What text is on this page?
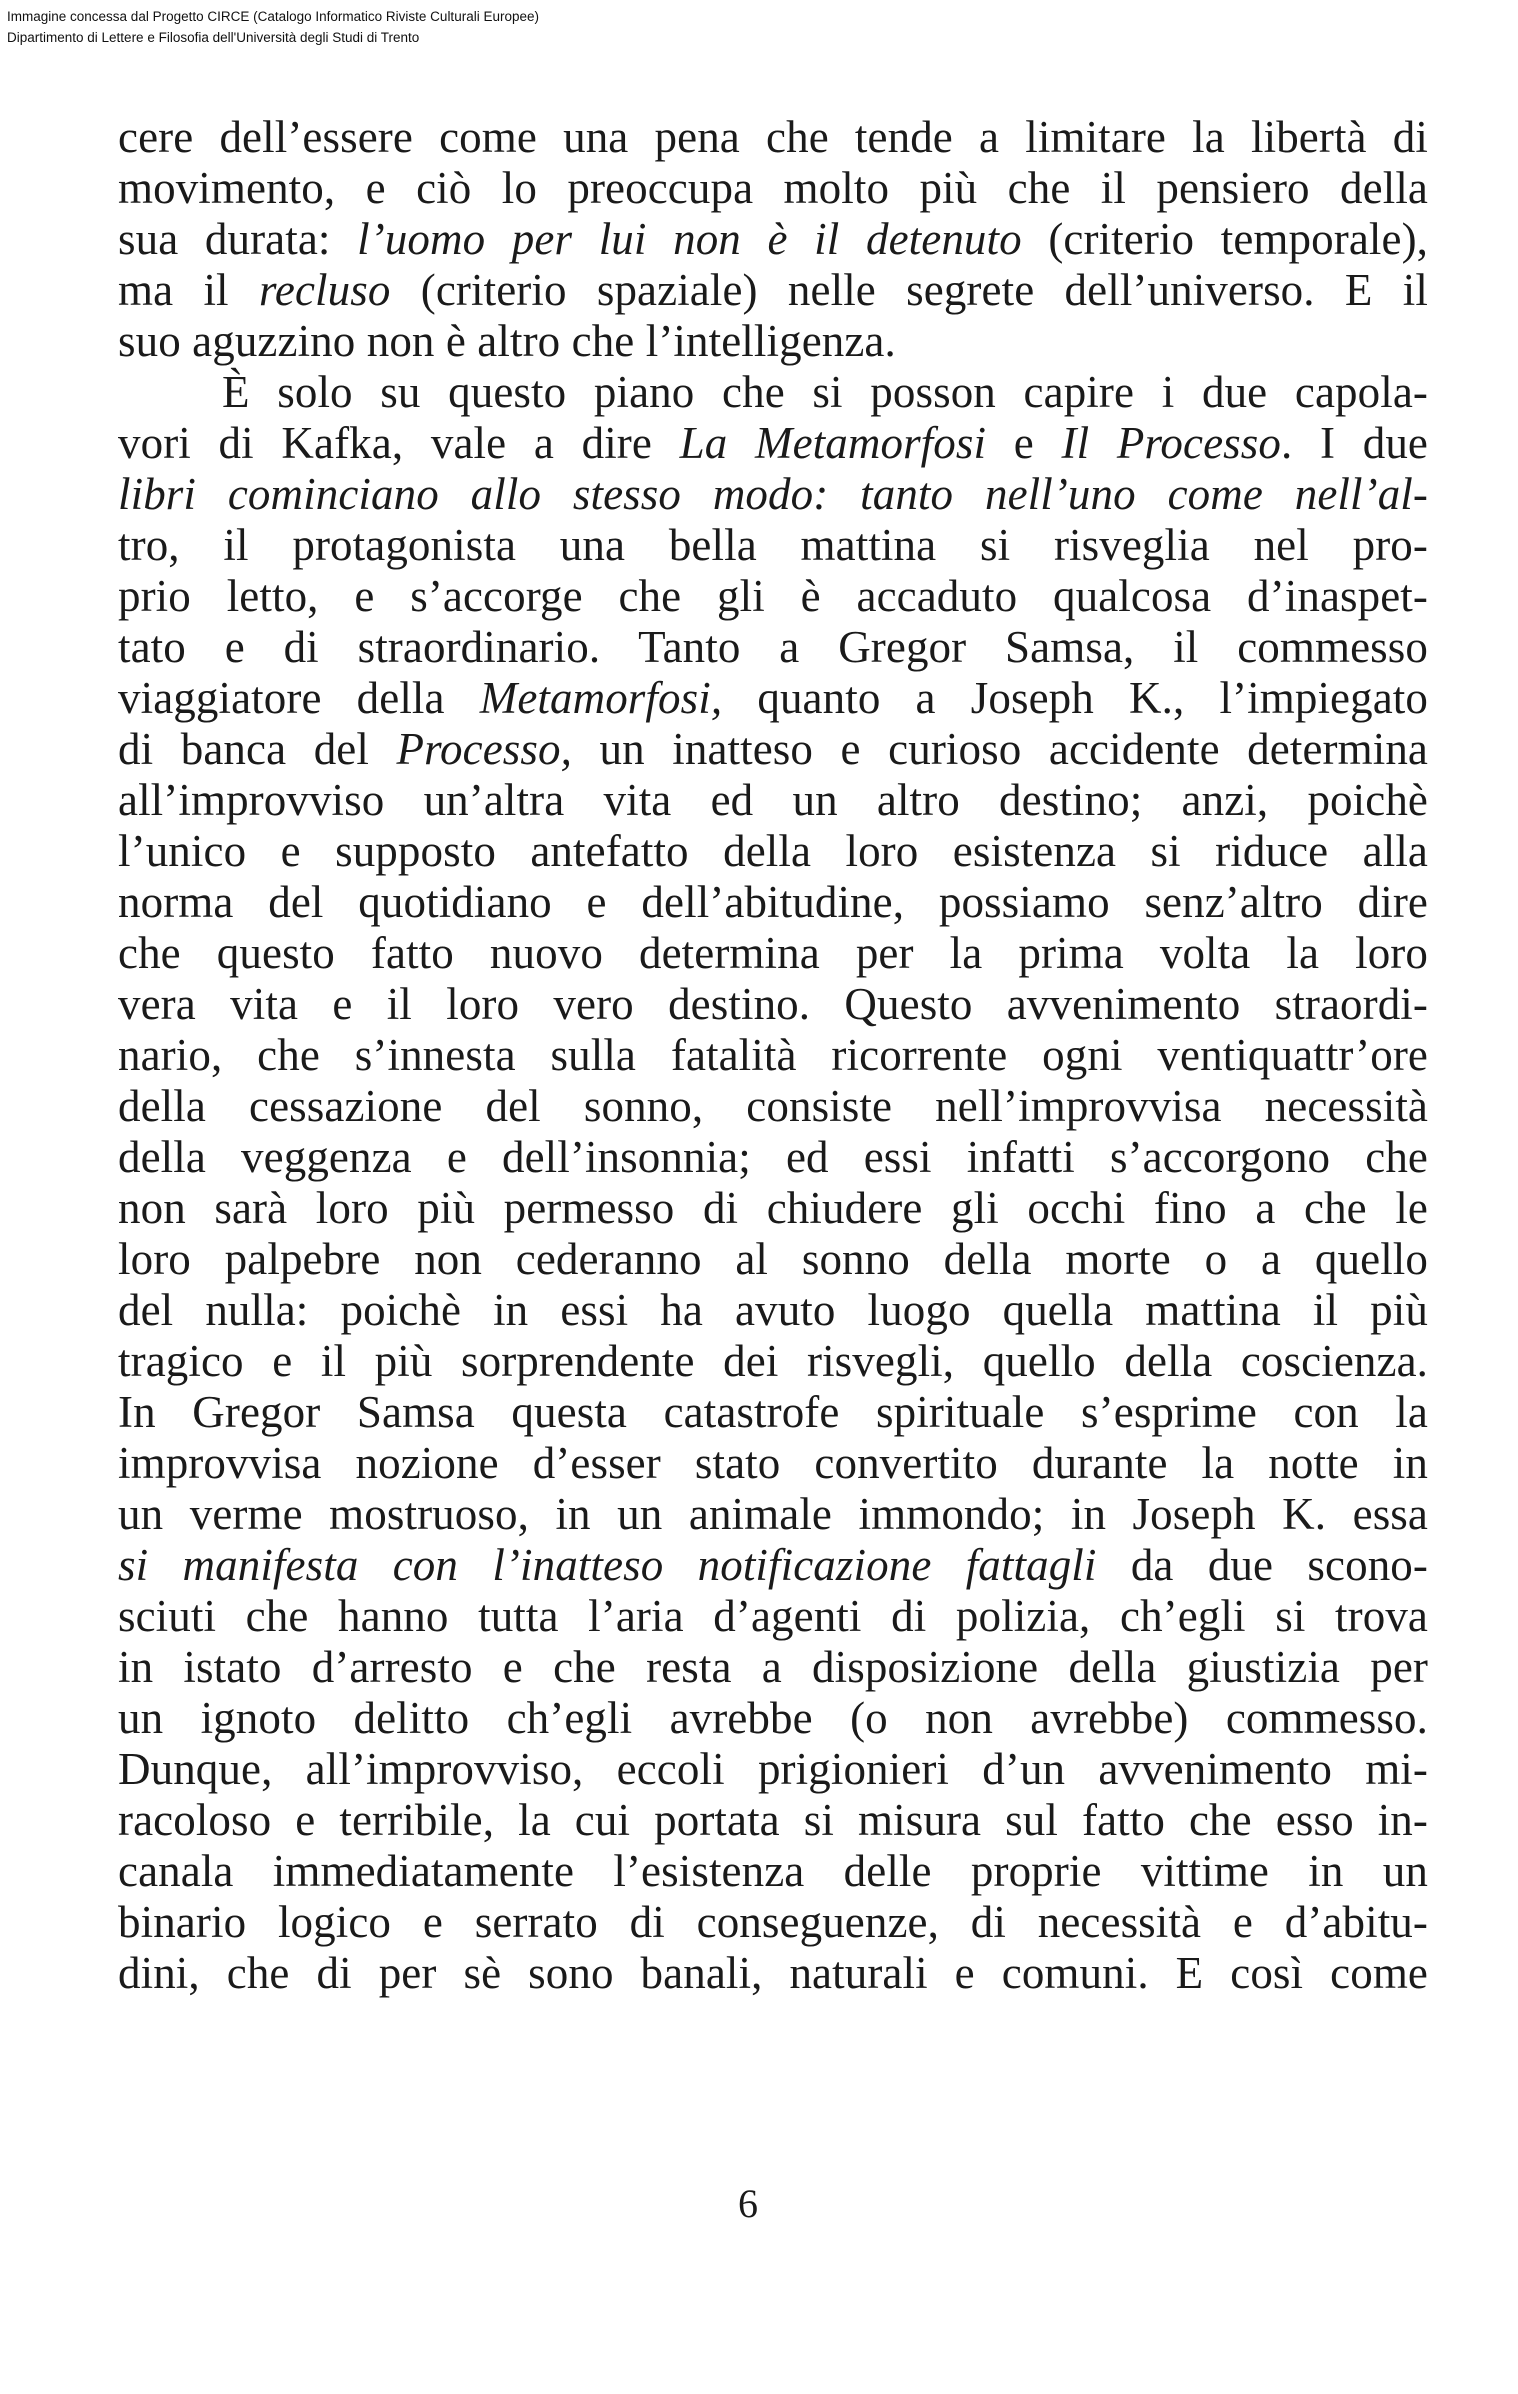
Immagine concessa dal Progetto CIRCE (Catalogo Informatico Riviste Culturali Europee)
Dipartimento di Lettere e Filosofia dell'Università degli Studi di Trento
cere dell’essere come una pena che tende a limitare la libertà di
movimento, e ciò lo preoccupa molto più che il pensiero della
sua durata: l’uomo per lui non è il detenuto (criterio temporale),
ma il recluso (criterio spaziale) nelle segrete dell’universo. E il
suo aguzzino non è altro che l’intelligenza.
È solo su questo piano che si posson capire i due capola-
vori di Kafka, vale a dire La Metamorfosi e Il Processo. I due
libri cominciano allo stesso modo: tanto nell’uno come nell’al-
tro, il protagonista una bella mattina si risveglia nel pro-
prio letto, e s’accorge che gli è accaduto qualcosa d’inaspet-
tato e di straordinario. Tanto a Gregor Samsa, il commesso
viaggiatore della Metamorfosi, quanto a Joseph K., l’impiegato
di banca del Processo, un inatteso e curioso accidente determina
all’improvviso un’altra vita ed un altro destino; anzi, poichè
l’unico e supposto antefatto della loro esistenza si riduce alla
norma del quotidiano e dell’abitudine, possiamo senz’altro dire
che questo fatto nuovo determina per la prima volta la loro
vera vita e il loro vero destino. Questo avvenimento straordi-
nario, che s’innesta sulla fatalità ricorrente ogni ventiquattr’ore
della cessazione del sonno, consiste nell’improvvisa necessità
della veggenza e dell’insonnia; ed essi infatti s’accorgono che
non sarà loro più permesso di chiudere gli occhi fino a che le
loro palpebre non cederanno al sonno della morte o a quello
del nulla: poichè in essi ha avuto luogo quella mattina il più
tragico e il più sorprendente dei risvegli, quello della coscienza.
In Gregor Samsa questa catastrofe spirituale s’esprime con la
improvvisa nozione d’esser stato convertito durante la notte in
un verme mostruoso, in un animale immondo; in Joseph K. essa
si manifesta con l’inatteso notificazione fattagli da due scono-
sciuti che hanno tutta l’aria d’agenti di polizia, ch’egli si trova
in istato d’arresto e che resta a disposizione della giustizia per
un ignoto delitto ch’egli avrebbe (o non avrebbe) commesso.
Dunque, all’improvviso, eccoli prigionieri d’un avvenimento mi-
racoloso e terribile, la cui portata si misura sul fatto che esso in-
canala immediatamente l’esistenza delle proprie vittime in un
binario logico e serrato di conseguenze, di necessità e d’abitu-
dini, che di per sè sono banali, naturali e comuni. E così come
6
